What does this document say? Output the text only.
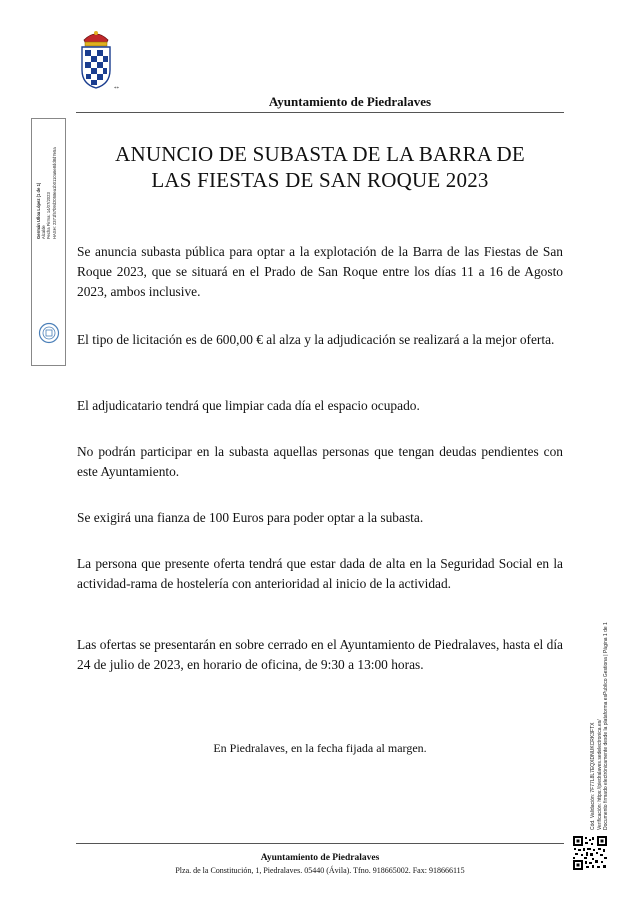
**
Ayuntamiento de Piedralaves
Germán Ulloa López (1 de 1) Alcalde Fecha Firma: 14/07/2023 HASH: 2371f57b9d2058ea1b0110a6e8dd8d7e5a	ANUNCIO DE SUBASTA DE LA BARRA DE
LAS FIESTAS DE SAN ROQUE 2023
Se anuncia subasta pública para optar a la explotación de la Barra de las Fiestas de San Roque 2023, que se situará en el Prado de San Roque entre los días 11 a 16 de Agosto 2023, ambos inclusive.
El tipo de licitación es de 600,00 € al alza y la adjudicación se realizará a la mejor oferta.
El adjudicatario tendrá que limpiar cada día el espacio ocupado.
No podrán participar en la subasta aquellas personas que tengan deudas pendientes con este Ayuntamiento.
Se exigirá una fianza de 100 Euros para poder optar a la subasta.
La persona que presente oferta tendrá que estar dada de alta en la Seguridad Social en la actividad-rama de hostelería con anterioridad al inicio de la actividad.
Las ofertas se presentarán en sobre cerrado en el Ayuntamiento de Piedralaves, hasta el día 24 de julio de 2023, en horario de oficina, de 9:30 a 13:00 horas.
En Piedralaves, en la fecha fijada al margen.	Cód. Validación: 7F77L8L7EQXDNUKCRK3FTX Verificación: https://piedralaves.sedelectronica.es/ Documento firmado electrónicamente desde la plataforma esPublico Gestiona | Página 1 de 1
Ayuntamiento de Piedralaves
Plza. de la Constitución, 1, Piedralaves. 05440 (Ávila). Tfno. 918665002. Fax: 918666115
